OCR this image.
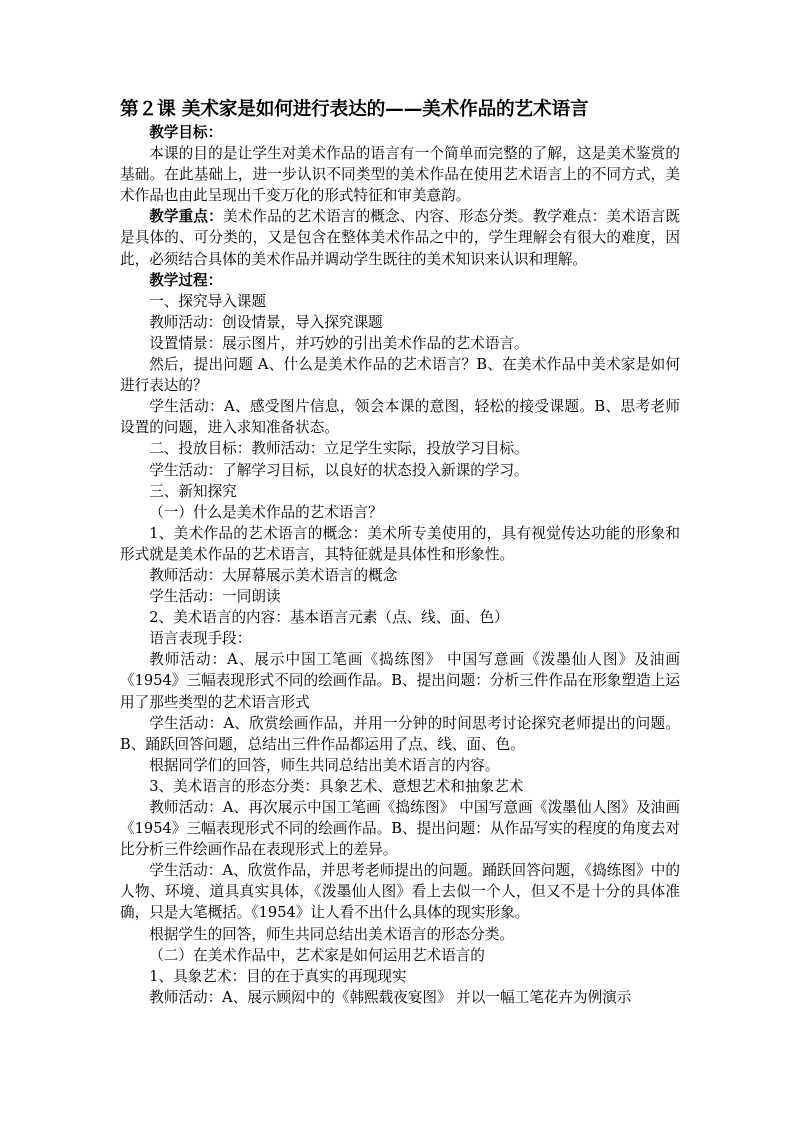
第２课 美术家是如何进行表达的——美术作品的艺术语言

教学目标：

本课的目的是让学生对美术作品的语言有一个简单而完整的了解，这是美术鉴赏的基础。在此基础上，进一步认识不同类型的美术作品在使用艺术语言上的不同方式，美术作品也由此呈现出千变万化的形式特征和审美意韵。

教学重点：美术作品的艺术语言的概念、内容、形态分类。教学难点：美术语言既是具体的、可分类的，又是包含在整体美术作品之中的，学生理解会有很大的难度，因此，必须结合具体的美术作品并调动学生既往的美术知识来认识和理解。

教学过程：

一、探究导入课题

教师活动：创设情景，导入探究课题

设置情景：展示图片，并巧妙的引出美术作品的艺术语言。

然后，提出问题 A、什么是美术作品的艺术语言？B、在美术作品中美术家是如何进行表达的？

学生活动：A、感受图片信息，领会本课的意图，轻松的接受课题。B、思考老师设置的问题，进入求知准备状态。

二、投放目标：教师活动：立足学生实际，投放学习目标。

学生活动：了解学习目标，以良好的状态投入新课的学习。

三、新知探究

（一）什么是美术作品的艺术语言？

1、美术作品的艺术语言的概念：美术所专美使用的，具有视觉传达功能的形象和形式就是美术作品的艺术语言，其特征就是具体性和形象性。

教师活动：大屏幕展示美术语言的概念

学生活动：一同朗读

2、美术语言的内容：基本语言元素（点、线、面、色）

语言表现手段：

教师活动：A、展示中国工笔画《捣练图》 中国写意画《泼墨仙人图》及油画《1954》三幅表现形式不同的绘画作品。B、提出问题：分析三件作品在形象塑造上运用了那些类型的艺术语言形式

学生活动：A、欣赏绘画作品，并用一分钟的时间思考讨论探究老师提出的问题。B、踊跃回答问题，总结出三件作品都运用了点、线、面、色。

根据同学们的回答，师生共同总结出美术语言的内容。

3、美术语言的形态分类：具象艺术、意想艺术和抽象艺术

教师活动：A、再次展示中国工笔画《捣练图》 中国写意画《泼墨仙人图》及油画《1954》三幅表现形式不同的绘画作品。B、提出问题：从作品写实的程度的角度去对比分析三件绘画作品在表现形式上的差异。

学生活动：A、欣赏作品，并思考老师提出的问题。踊跃回答问题，《捣练图》中的人物、环境、道具真实具体，《泼墨仙人图》看上去似一个人，但又不是十分的具体准确，只是大笔概括。《1954》让人看不出什么具体的现实形象。

根据学生的回答，师生共同总结出美术语言的形态分类。

（二）在美术作品中，艺术家是如何运用艺术语言的

1、具象艺术：目的在于真实的再现现实

教师活动：A、展示顾闳中的《韩熙载夜宴图》 并以一幅工笔花卉为例演示
